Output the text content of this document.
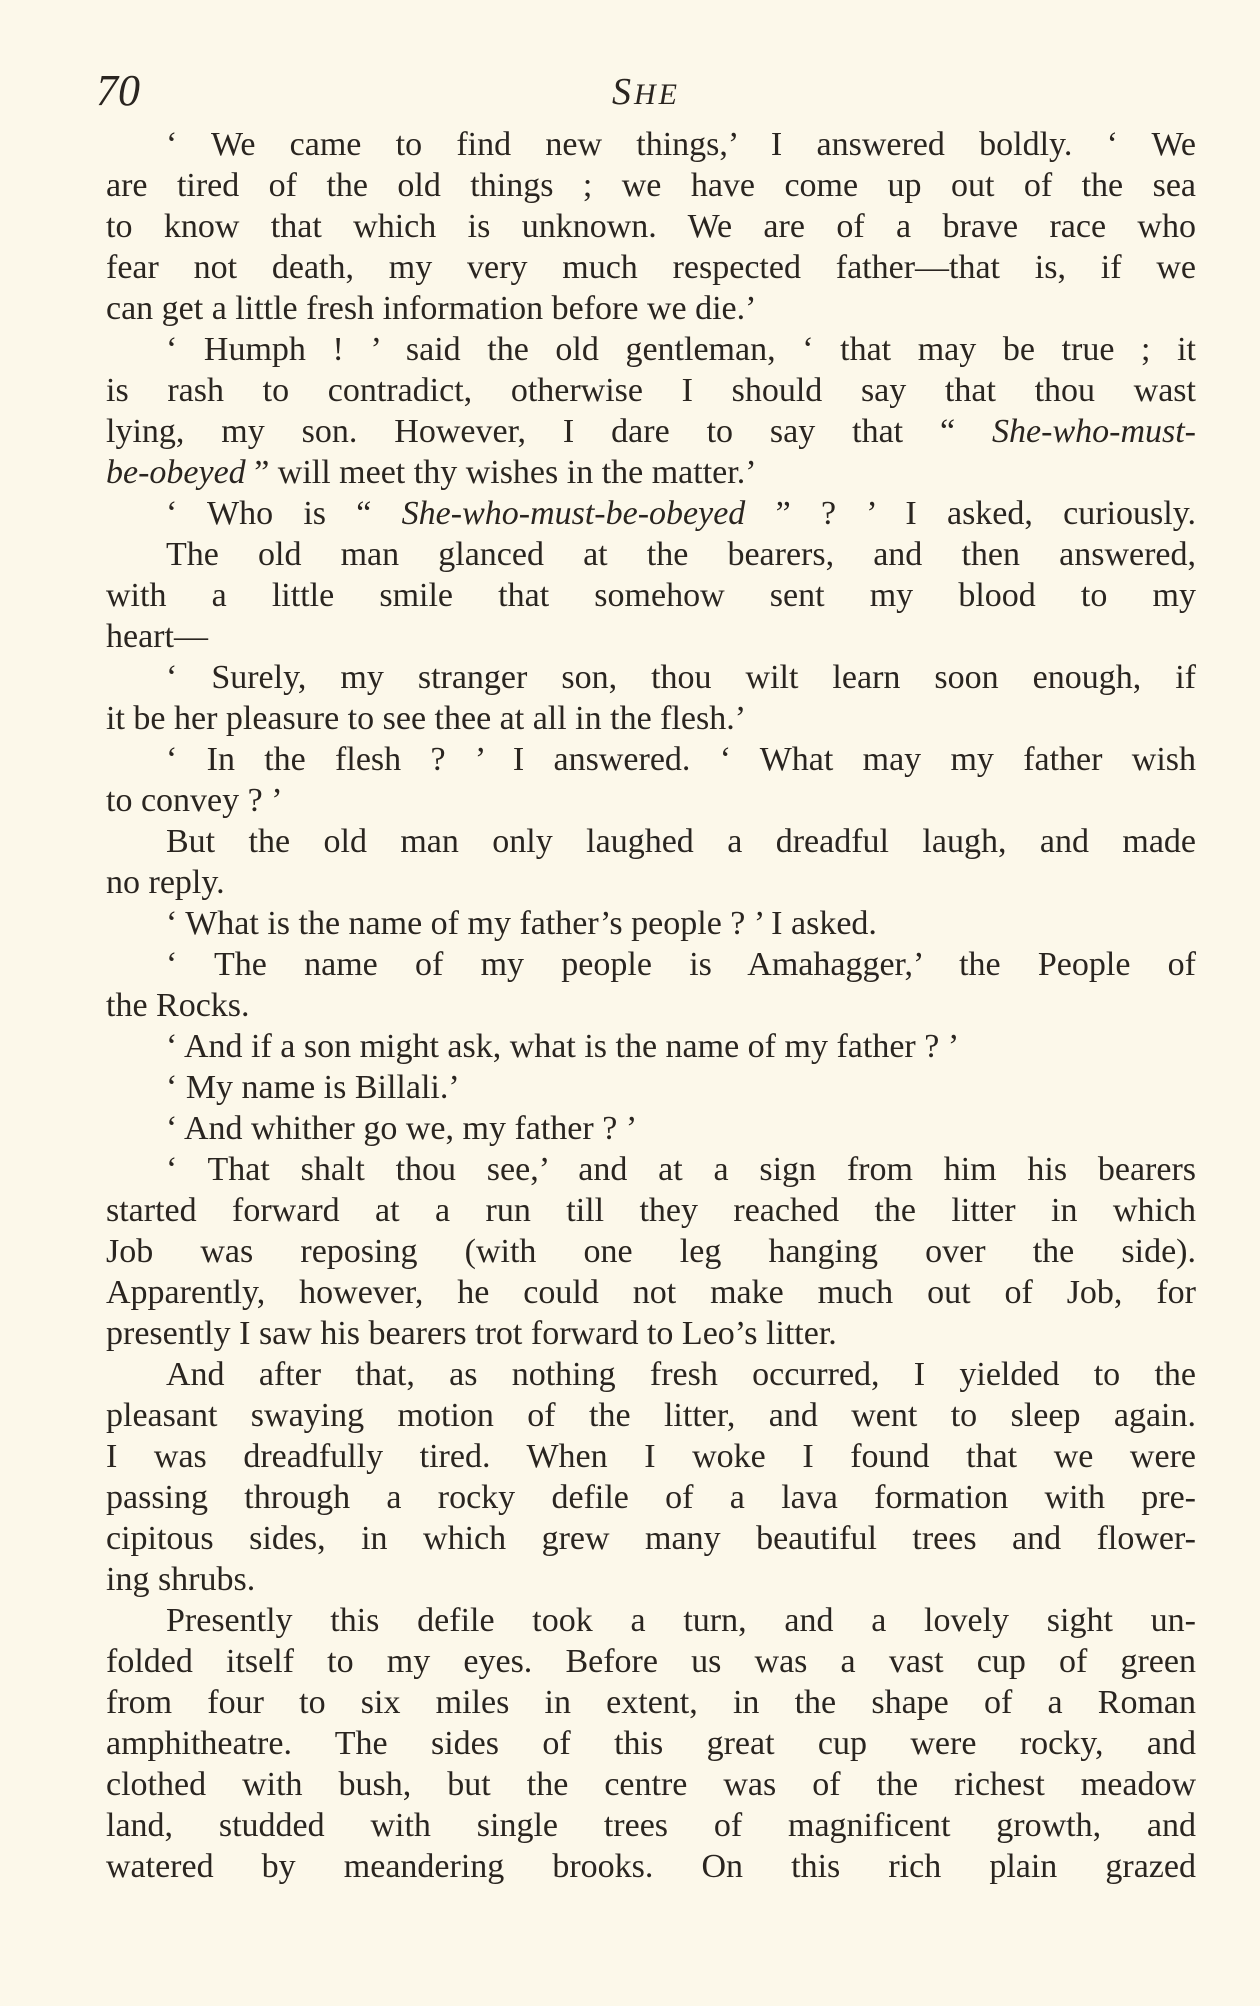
70	SHE
‘ We came to find new things,’ I answered boldly. ‘ We
are tired of the old things ; we have come up out of the sea
to know that which is unknown. We are of a brave race who
fear not death, my very much respected father—that is, if we
can get a little fresh information before we die.’
‘ Humph ! ’ said the old gentleman, ‘ that may be true ; it
is rash to contradict, otherwise I should say that thou wast
lying, my son. However, I dare to say that “ She-who-must-
be-obeyed ” will meet thy wishes in the matter.’
‘ Who is “ She-who-must-be-obeyed ” ? ’ I asked, curiously.
The old man glanced at the bearers, and then answered,
with a little smile that somehow sent my blood to my
heart—
‘ Surely, my stranger son, thou wilt learn soon enough, if
it be her pleasure to see thee at all in the flesh.’
‘ In the flesh ? ’ I answered. ‘ What may my father wish
to convey ? ’
But the old man only laughed a dreadful laugh, and made
no reply.
‘ What is the name of my father’s people ? ’ I asked.
‘ The name of my people is Amahagger,’ the People of
the Rocks.
‘ And if a son might ask, what is the name of my father ? ’
‘ My name is Billali.’
‘ And whither go we, my father ? ’
‘ That shalt thou see,’ and at a sign from him his bearers
started forward at a run till they reached the litter in which
Job was reposing (with one leg hanging over the side).
Apparently, however, he could not make much out of Job, for
presently I saw his bearers trot forward to Leo’s litter.
And after that, as nothing fresh occurred, I yielded to the
pleasant swaying motion of the litter, and went to sleep again.
I was dreadfully tired. When I woke I found that we were
passing through a rocky defile of a lava formation with pre-
cipitous sides, in which grew many beautiful trees and flower-
ing shrubs.
Presently this defile took a turn, and a lovely sight un-
folded itself to my eyes. Before us was a vast cup of green
from four to six miles in extent, in the shape of a Roman
amphitheatre. The sides of this great cup were rocky, and
clothed with bush, but the centre was of the richest meadow
land, studded with single trees of magnificent growth, and
watered by meandering brooks. On this rich plain grazed
